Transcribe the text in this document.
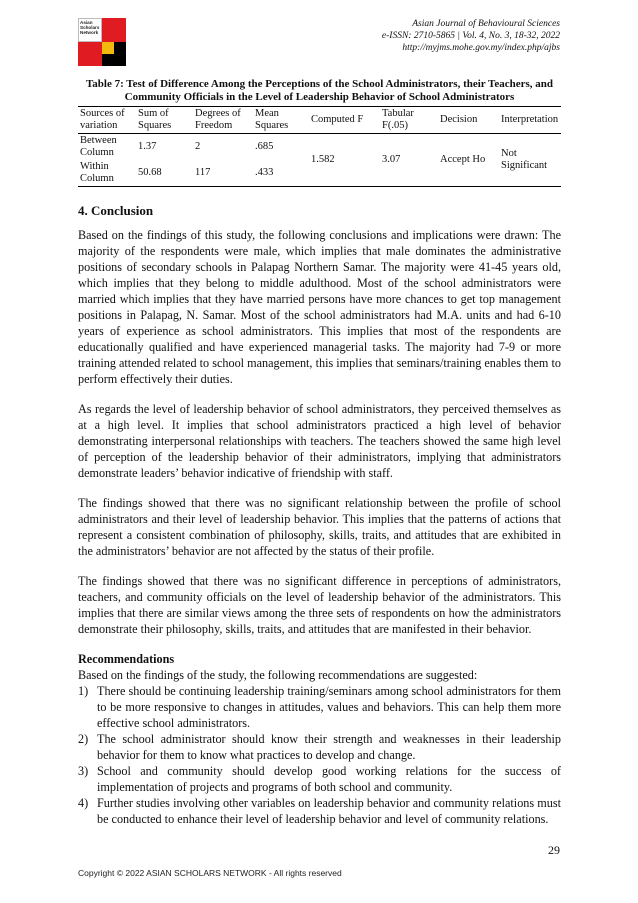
Asian
Scholars
Network
Asian Journal of Behavioural Sciences
e-ISSN: 2710-5865 | Vol. 4, No. 3, 18-32, 2022
http://myjms.mohe.gov.my/index.php/ajbs
Table 7: Test of Difference Among the Perceptions of the School Administrators, their Teachers, and Community Officials in the Level of Leadership Behavior of School Administrators
Sources of variation	Sum of Squares	Degrees of Freedom	Mean Squares	Computed F	Tabular F(.05)	Decision	Interpretation
Between Column	1.37	2	.685	1.582	3.07	Accept Ho	Not Significant
Within Column	50.68	117	.433				
4. Conclusion

Based on the findings of this study, the following conclusions and implications were drawn: The majority of the respondents were male, which implies that male dominates the administrative positions of secondary schools in Palapag Northern Samar. The majority were 41-45 years old, which implies that they belong to middle adulthood. Most of the school administrators were married which implies that they have married persons have more chances to get top management positions in Palapag, N. Samar. Most of the school administrators had M.A. units and had 6-10 years of experience as school administrators. This implies that most of the respondents are educationally qualified and have experienced managerial tasks. The majority had 7-9 or more training attended related to school management, this implies that seminars/training enables them to perform effectively their duties.

As regards the level of leadership behavior of school administrators, they perceived themselves as at a high level. It implies that school administrators practiced a high level of behavior demonstrating interpersonal relationships with teachers. The teachers showed the same high level of perception of the leadership behavior of their administrators, implying that administrators demonstrate leaders’ behavior indicative of friendship with staff.

The findings showed that there was no significant relationship between the profile of school administrators and their level of leadership behavior. This implies that the patterns of actions that represent a consistent combination of philosophy, skills, traits, and attitudes that are exhibited in the administrators’ behavior are not affected by the status of their profile.

The findings showed that there was no significant difference in perceptions of administrators, teachers, and community officials on the level of leadership behavior of the administrators. This implies that there are similar views among the three sets of respondents on how the administrators demonstrate their philosophy, skills, traits, and attitudes that are manifested in their behavior.

Recommendations
Based on the findings of the study, the following recommendations are suggested:
1) There should be continuing leadership training/seminars among school administrators for them to be more responsive to changes in attitudes, values and behaviors. This can help them more effective school administrators.
2) The school administrator should know their strength and weaknesses in their leadership behavior for them to know what practices to develop and change.
3) School and community should develop good working relations for the success of implementation of projects and programs of both school and community.
4) Further studies involving other variables on leadership behavior and community relations must be conducted to enhance their level of leadership behavior and level of community relations.
29
Copyright © 2022 ASIAN SCHOLARS NETWORK - All rights reserved
